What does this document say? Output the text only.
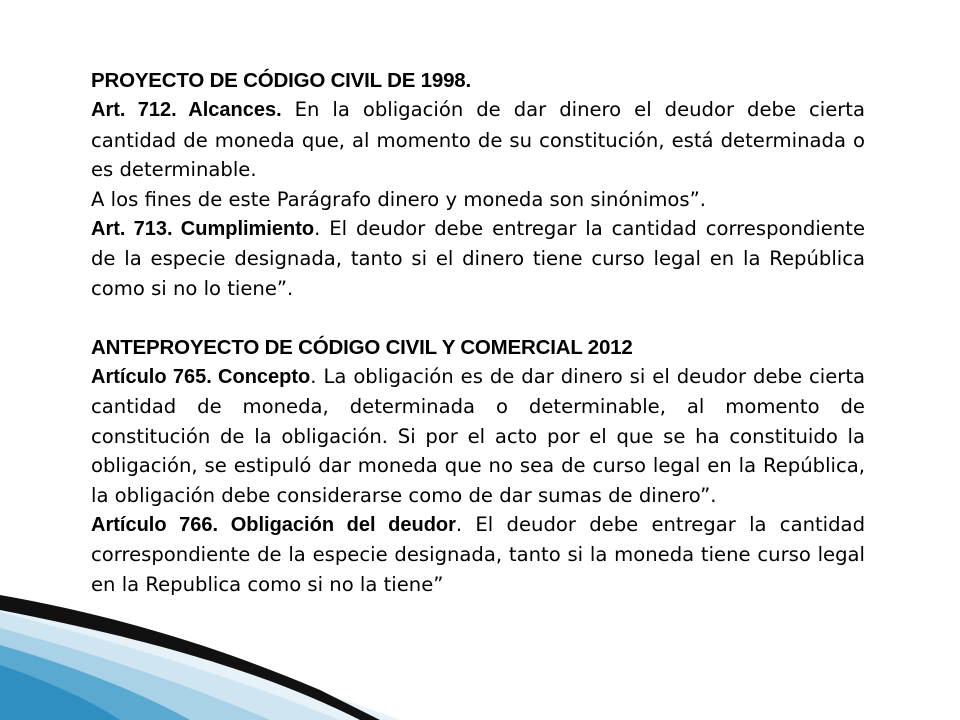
PROYECTO DE CÓDIGO CIVIL DE 1998.

Art. 712. Alcances. En la obligación de dar dinero el deudor debe cierta cantidad de moneda que, al momento de su constitución, está determinada o es determinable.

A los fines de este Parágrafo dinero y moneda son sinónimos”.

Art. 713. Cumplimiento. El deudor debe entregar la cantidad correspondiente de la especie designada, tanto si el dinero tiene curso legal en la República como si no lo tiene”.

ANTEPROYECTO DE CÓDIGO CIVIL Y COMERCIAL 2012

Artículo 765. Concepto. La obligación es de dar dinero si el deudor debe cierta cantidad de moneda, determinada o determinable, al momento de constitución de la obligación. Si por el acto por el que se ha constituido la obligación, se estipuló dar moneda que no sea de curso legal en la República, la obligación debe considerarse como de dar sumas de dinero”.

Artículo 766. Obligación del deudor. El deudor debe entregar la cantidad correspondiente de la especie designada, tanto si la moneda tiene curso legal en la Republica como si no la tiene”
